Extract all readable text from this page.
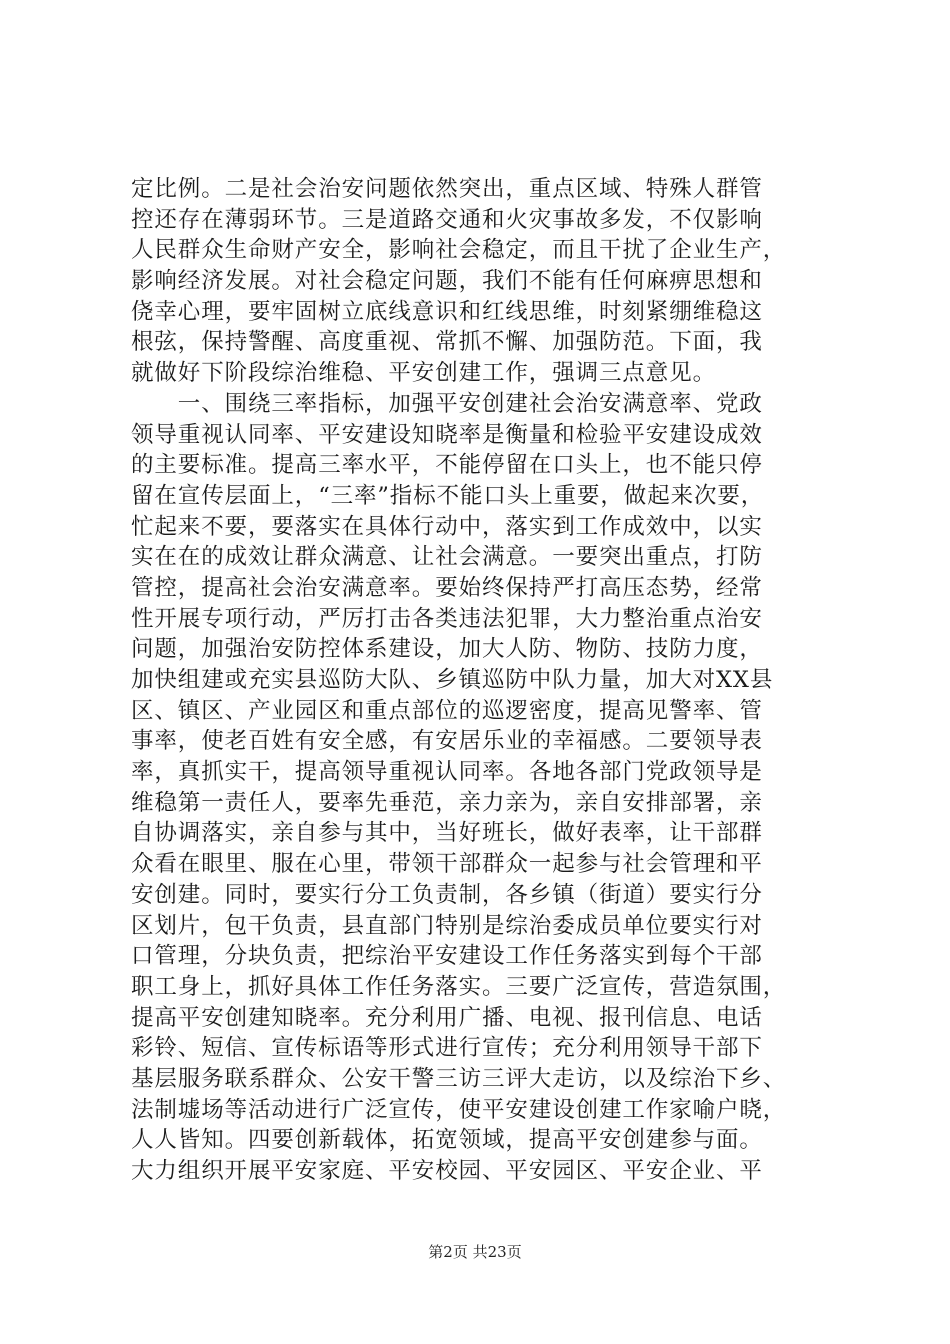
定比例。二是社会治安问题依然突出，重点区域、特殊人群管
控还存在薄弱环节。三是道路交通和火灾事故多发，不仅影响
人民群众生命财产安全，影响社会稳定，而且干扰了企业生产，
影响经济发展。对社会稳定问题，我们不能有任何麻痹思想和
侥幸心理，要牢固树立底线意识和红线思维，时刻紧绷维稳这
根弦，保持警醒、高度重视、常抓不懈、加强防范。下面，我
就做好下阶段综治维稳、平安创建工作，强调三点意见。
　　一、围绕三率指标，加强平安创建社会治安满意率、党政
领导重视认同率、平安建设知晓率是衡量和检验平安建设成效
的主要标准。提高三率水平，不能停留在口头上，也不能只停
留在宣传层面上，“三率”指标不能口头上重要，做起来次要，
忙起来不要，要落实在具体行动中，落实到工作成效中，以实
实在在的成效让群众满意、让社会满意。一要突出重点，打防
管控，提高社会治安满意率。要始终保持严打高压态势，经常
性开展专项行动，严厉打击各类违法犯罪，大力整治重点治安
问题，加强治安防控体系建设，加大人防、物防、技防力度，
加快组建或充实县巡防大队、乡镇巡防中队力量，加大对XX县
区、镇区、产业园区和重点部位的巡逻密度，提高见警率、管
事率，使老百姓有安全感，有安居乐业的幸福感。二要领导表
率，真抓实干，提高领导重视认同率。各地各部门党政领导是
维稳第一责任人，要率先垂范，亲力亲为，亲自安排部署，亲
自协调落实，亲自参与其中，当好班长，做好表率，让干部群
众看在眼里、服在心里，带领干部群众一起参与社会管理和平
安创建。同时，要实行分工负责制，各乡镇（街道）要实行分
区划片，包干负责，县直部门特别是综治委成员单位要实行对
口管理，分块负责，把综治平安建设工作任务落实到每个干部
职工身上，抓好具体工作任务落实。三要广泛宣传，营造氛围，
提高平安创建知晓率。充分利用广播、电视、报刊信息、电话
彩铃、短信、宣传标语等形式进行宣传；充分利用领导干部下
基层服务联系群众、公安干警三访三评大走访，以及综治下乡、
法制墟场等活动进行广泛宣传，使平安建设创建工作家喻户晓，
人人皆知。四要创新载体，拓宽领域，提高平安创建参与面。
大力组织开展平安家庭、平安校园、平安园区、平安企业、平
第2页 共23页
